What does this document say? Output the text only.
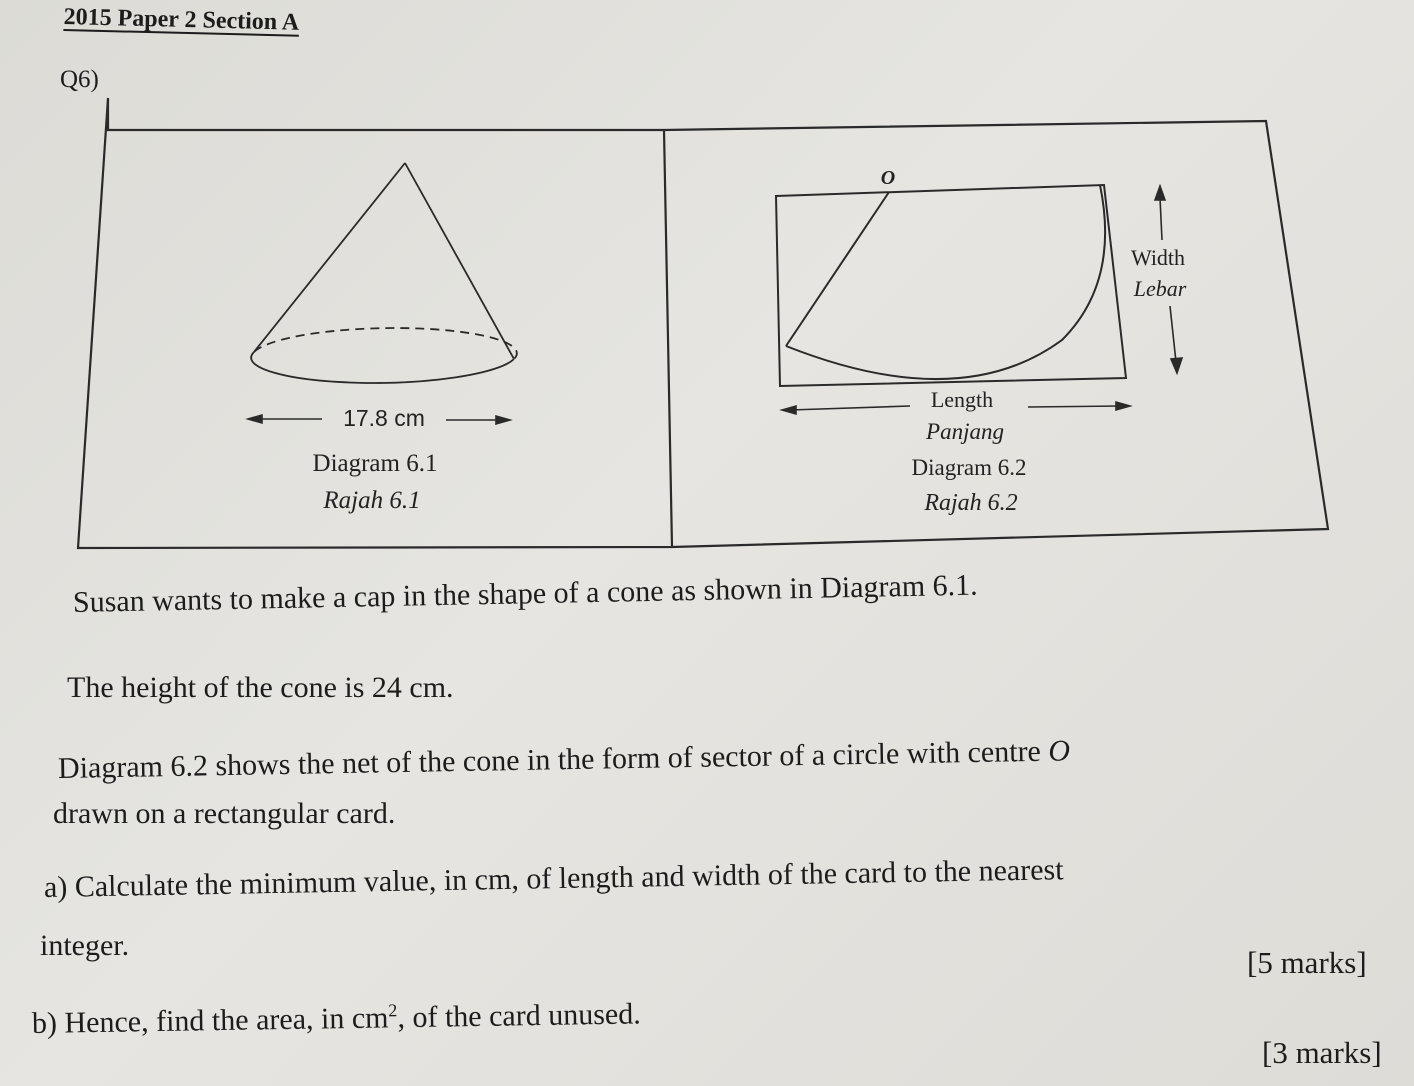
2015 Paper 2 Section A
Q6)
17.8 cm
Diagram 6.1
Rajah 6.1
O
Width
Lebar
Length
Panjang
Diagram 6.2
Rajah 6.2
Susan wants to make a cap in the shape of a cone as shown in Diagram 6.1.
The height of the cone is 24 cm.
Diagram 6.2 shows the net of the cone in the form of sector of a circle with centre O
drawn on a rectangular card.
a) Calculate the minimum value, in cm, of length and width of the card to the nearest
integer.	[5 marks]
b) Hence, find the area, in $cm^2$, of the card unused.
[3 marks]
